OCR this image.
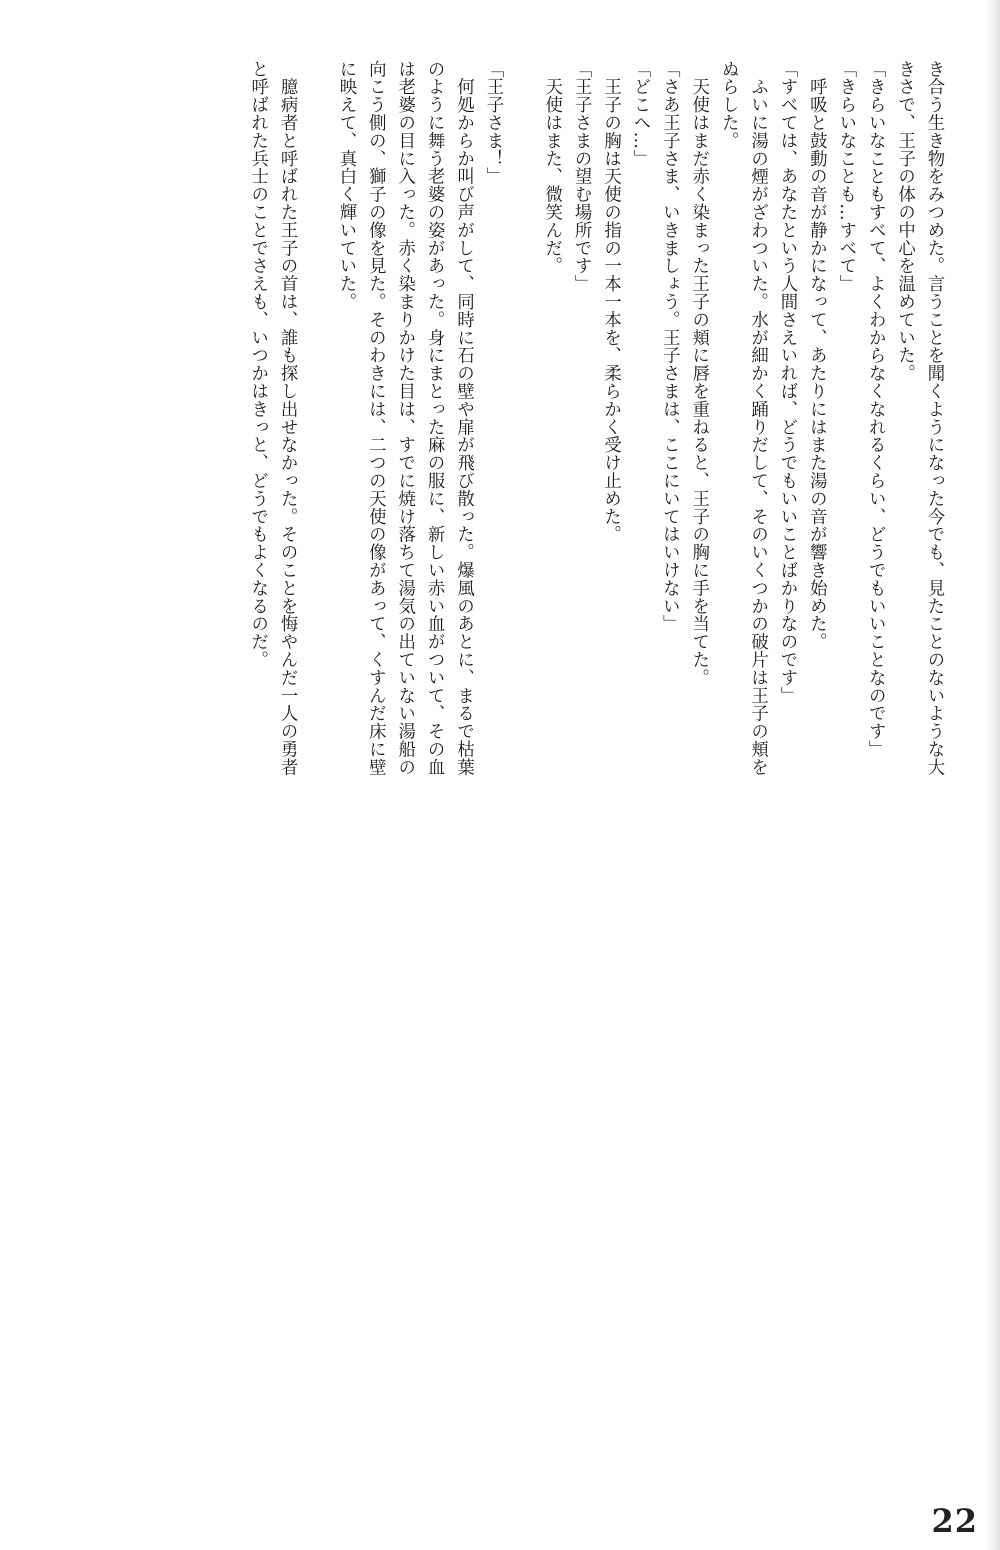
き合う生き物をみつめた。言うことを聞くようになった今でも、見たことのないような大きさで、王子の体の中心を温めていた。

「きらいなこともすべて、よくわからなくなれるくらい、どうでもいいことなのです」

「きらいなことも…すべて」

　呼吸と鼓動の音が静かになって、あたりにはまた湯の音が響き始めた。

「すべては、あなたという人間さえいれば、どうでもいいことばかりなのです」

　ふいに湯の煙がざわついた。水が細かく踊りだして、そのいくつかの破片は王子の頬をぬらした。

　天使はまだ赤く染まった王子の頬に唇を重ねると、王子の胸に手を当てた。

「さあ王子さま、いきましょう。王子さまは、ここにいてはいけない」

「どこへ…」

　王子の胸は天使の指の一本一本を、柔らかく受け止めた。

「王子さまの望む場所です」

　天使はまた、微笑んだ。

「王子さま！」

　何処からか叫び声がして、同時に石の壁や扉が飛び散った。爆風のあとに、まるで枯葉のように舞う老婆の姿があった。身にまとった麻の服に、新しい赤い血がついて、その血は老婆の目に入った。赤く染まりかけた目は、すでに焼け落ちて湯気の出ていない湯船の向こう側の、獅子の像を見た。そのわきには、二つの天使の像があって、くすんだ床に壁に映えて、真白く輝いていた。

　臆病者と呼ばれた王子の首は、誰も探し出せなかった。そのことを悔やんだ一人の勇者と呼ばれた兵士のことでさえも、いつかはきっと、どうでもよくなるのだ。

22
